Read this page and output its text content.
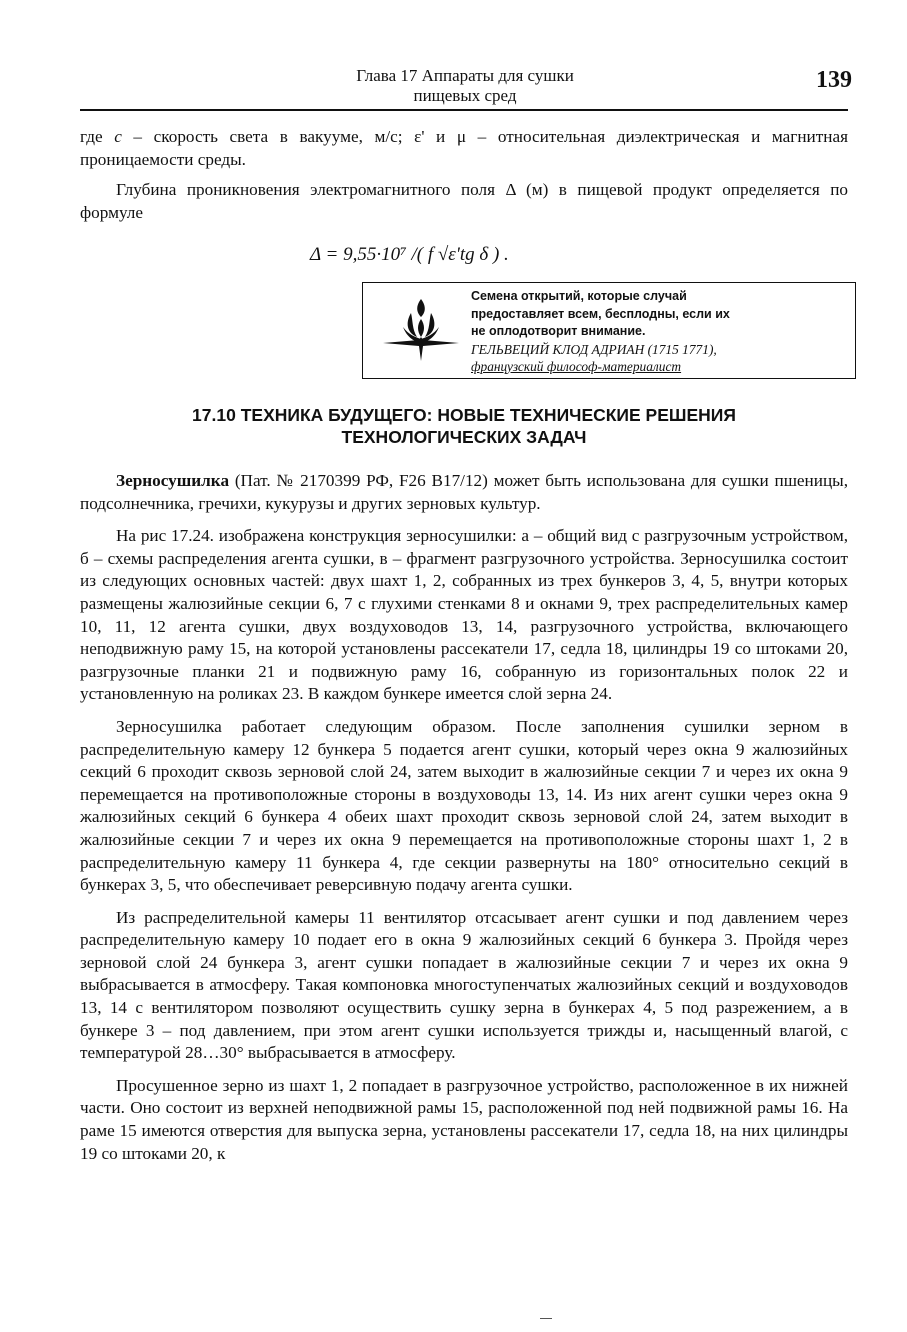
Глава 17 Аппараты для сушки
пищевых сред
139

где c – скорость света в вакууме, м/с; ε' и μ – относительная диэлектрическая и магнитная проницаемости среды.

Глубина проникновения электромагнитного поля Δ (м) в пищевой продукт определяется по формуле

Δ = 9,55·10⁷ /( f √ε'tg δ ) .
Семена открытий, которые случай
предоставляет всем, бесплодны, если их
не оплодотворит внимание.
ГЕЛЬВЕЦИЙ КЛОД АДРИАН (1715 1771),
французский философ-материалист
17.10 ТЕХНИКА БУДУЩЕГО: НОВЫЕ ТЕХНИЧЕСКИЕ РЕШЕНИЯ
ТЕХНОЛОГИЧЕСКИХ ЗАДАЧ

Зерносушилка (Пат. № 2170399 РФ, F26 B17/12) может быть использована для сушки пшеницы, подсолнечника, гречихи, кукурузы и других зерновых культур.

На рис 17.24. изображена конструкция зерносушилки: а – общий вид с разгрузочным устройством, б – схемы распределения агента сушки, в – фрагмент разгрузочного устройства. Зерносушилка состоит из следующих основных частей: двух шахт 1, 2, собранных из трех бункеров 3, 4, 5, внутри которых размещены жалюзийные секции 6, 7 с глухими стенками 8 и окнами 9, трех распределительных камер 10, 11, 12 агента сушки, двух воздуховодов 13, 14, разгрузочного устройства, включающего неподвижную раму 15, на которой установлены рассекатели 17, седла 18, цилиндры 19 со штоками 20, разгрузочные планки 21 и подвижную раму 16, собранную из горизонтальных полок 22 и установленную на роликах 23. В каждом бункере имеется слой зерна 24.

Зерносушилка работает следующим образом. После заполнения сушилки зерном в распределительную камеру 12 бункера 5 подается агент сушки, который через окна 9 жалюзийных секций 6 проходит сквозь зерновой слой 24, затем выходит в жалюзийные секции 7 и через их окна 9 перемещается на противоположные стороны в воздуховоды 13, 14. Из них агент сушки через окна 9 жалюзийных секций 6 бункера 4 обеих шахт проходит сквозь зерновой слой 24, затем выходит в жалюзийные секции 7 и через их окна 9 перемещается на противоположные стороны шахт 1, 2 в распределительную камеру 11 бункера 4, где секции развернуты на 180° относительно секций в бункерах 3, 5, что обеспечивает реверсивную подачу агента сушки.

Из распределительной камеры 11 вентилятор отсасывает агент сушки и под давлением через распределительную камеру 10 подает его в окна 9 жалюзийных секций 6 бункера 3. Пройдя через зерновой слой 24 бункера 3, агент сушки попадает в жалюзийные секции 7 и через их окна 9 выбрасывается в атмосферу. Такая компоновка многоступенчатых жалюзийных секций и воздуховодов 13, 14 с вентилятором позволяют осуществить сушку зерна в бункерах 4, 5 под разрежением, а в бункере 3 – под давлением, при этом агент сушки используется трижды и, насыщенный влагой, с температурой 28…30° выбрасывается в атмосферу.

Просушенное зерно из шахт 1, 2 попадает в разгрузочное устройство, расположенное в их нижней части. Оно состоит из верхней неподвижной рамы 15, расположенной под ней подвижной рамы 16. На раме 15 имеются отверстия для выпуска зерна, установлены рассекатели 17, седла 18, на них цилиндры 19 со штоками 20, к
